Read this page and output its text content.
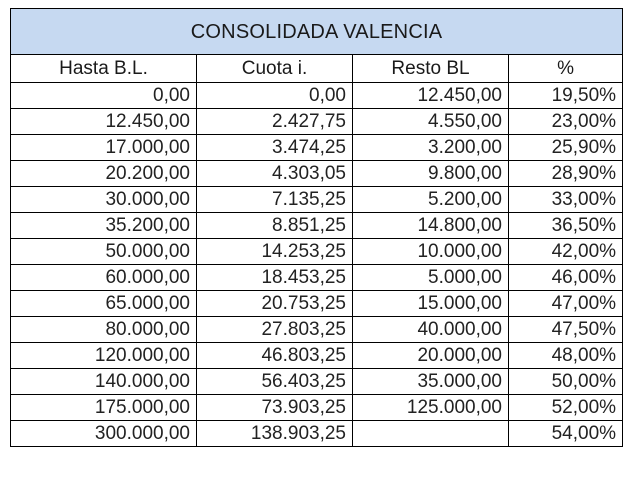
CONSOLIDADA VALENCIA			
Hasta B.L.	Cuota i.	Resto BL	%
0,00	0,00	12.450,00	19,50%
12.450,00	2.427,75	4.550,00	23,00%
17.000,00	3.474,25	3.200,00	25,90%
20.200,00	4.303,05	9.800,00	28,90%
30.000,00	7.135,25	5.200,00	33,00%
35.200,00	8.851,25	14.800,00	36,50%
50.000,00	14.253,25	10.000,00	42,00%
60.000,00	18.453,25	5.000,00	46,00%
65.000,00	20.753,25	15.000,00	47,00%
80.000,00	27.803,25	40.000,00	47,50%
120.000,00	46.803,25	20.000,00	48,00%
140.000,00	56.403,25	35.000,00	50,00%
175.000,00	73.903,25	125.000,00	52,00%
300.000,00	138.903,25		54,00%
